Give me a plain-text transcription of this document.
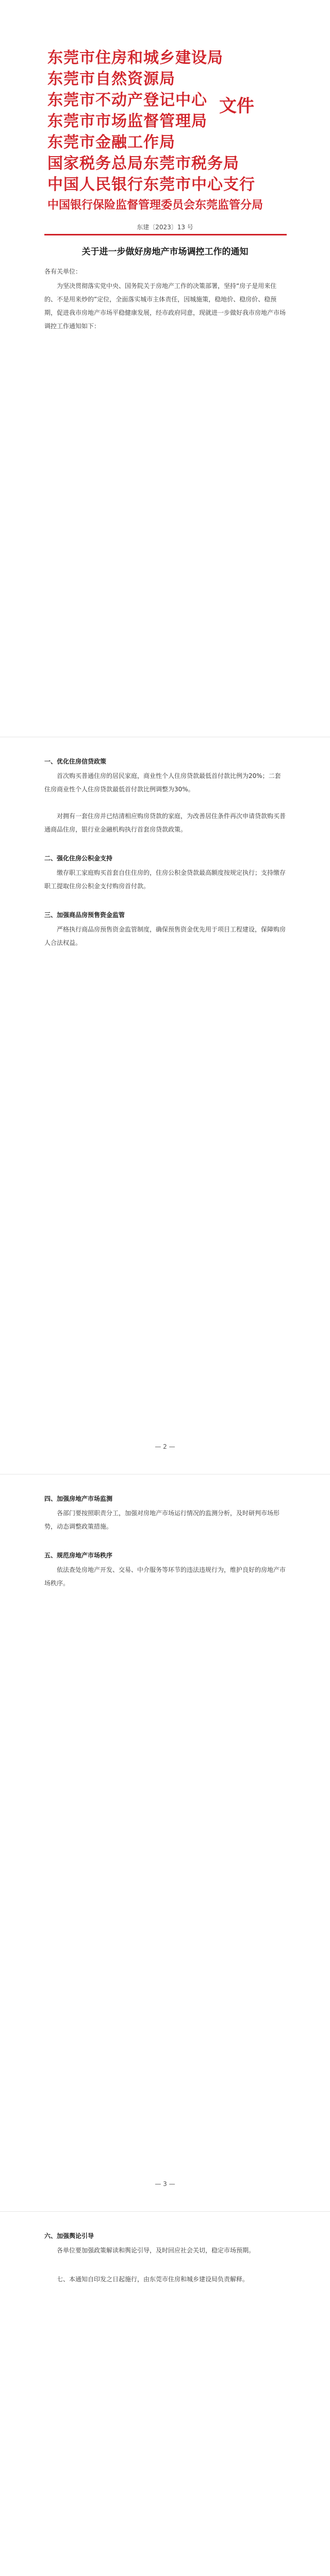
东莞市住房和城乡建设局
东莞市自然资源局
东莞市不动产登记中心
东莞市市场监督管理局
东莞市金融工作局
国家税务总局东莞市税务局
中国人民银行东莞市中心支行
中国银行保险监督管理委员会东莞监管分局
文件
东建〔2023〕13 号
关于进一步做好房地产市场调控工作的通知
各有关单位：
为坚决贯彻落实党中央、国务院关于房地产工作的决策部署，坚持“房子是用来住的、不是用来炒的”定位，全面落实城市主体责任，因城施策，稳地价、稳房价、稳预期，促进我市房地产市场平稳健康发展，经市政府同意，现就进一步做好我市房地产市场调控工作通知如下：
一、优化住房信贷政策
首次购买普通住房的居民家庭，商业性个人住房贷款最低首付款比例为20%；二套住房商业性个人住房贷款最低首付款比例调整为30%。
对拥有一套住房并已结清相应购房贷款的家庭，为改善居住条件再次申请贷款购买普通商品住房，银行业金融机构执行首套房贷款政策。
二、强化住房公积金支持
缴存职工家庭购买首套自住住房的，住房公积金贷款最高额度按规定执行；支持缴存职工提取住房公积金支付购房首付款。
三、加强商品房预售资金监管
严格执行商品房预售资金监管制度，确保预售资金优先用于项目工程建设，保障购房人合法权益。
— 2 —
四、加强房地产市场监测
各部门要按照职责分工，加强对房地产市场运行情况的监测分析，及时研判市场形势，动态调整政策措施。
五、规范房地产市场秩序
依法查处房地产开发、交易、中介服务等环节的违法违规行为，维护良好的房地产市场秩序。
— 3 —
六、加强舆论引导
各单位要加强政策解读和舆论引导，及时回应社会关切，稳定市场预期。
七、本通知自印发之日起施行，由东莞市住房和城乡建设局负责解释。
